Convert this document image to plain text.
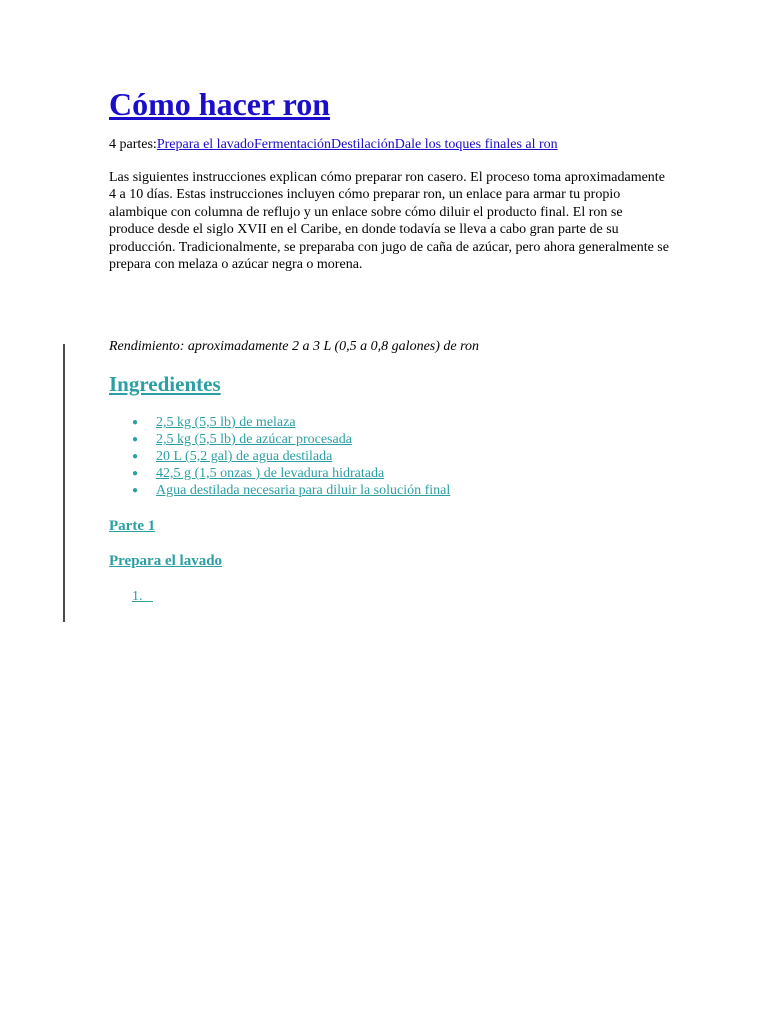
Cómo hacer ron
4 partes:Prepara el lavadoFermentaciónDestilaciónDale los toques finales al ron

Las siguientes instrucciones explican cómo preparar ron casero. El proceso toma aproximadamente 4 a 10 días. Estas instrucciones incluyen cómo preparar ron, un enlace para armar tu propio alambique con columna de reflujo y un enlace sobre cómo diluir el producto final. El ron se produce desde el siglo XVII en el Caribe, en donde todavía se lleva a cabo gran parte de su producción. Tradicionalmente, se preparaba con jugo de caña de azúcar, pero ahora generalmente se prepara con melaza o azúcar negra o morena.

Rendimiento: aproximadamente 2 a 3 L (0,5 a 0,8 galones) de ron

Ingredientes
● 2,5 kg (5,5 lb) de melaza
● 2,5 kg (5,5 lb) de azúcar procesada
● 20 L (5,2 gal) de agua destilada
● 42,5 g (1,5 onzas ) de levadura hidratada
● Agua destilada necesaria para diluir la solución final
Parte 1
Prepara el lavado
1.
